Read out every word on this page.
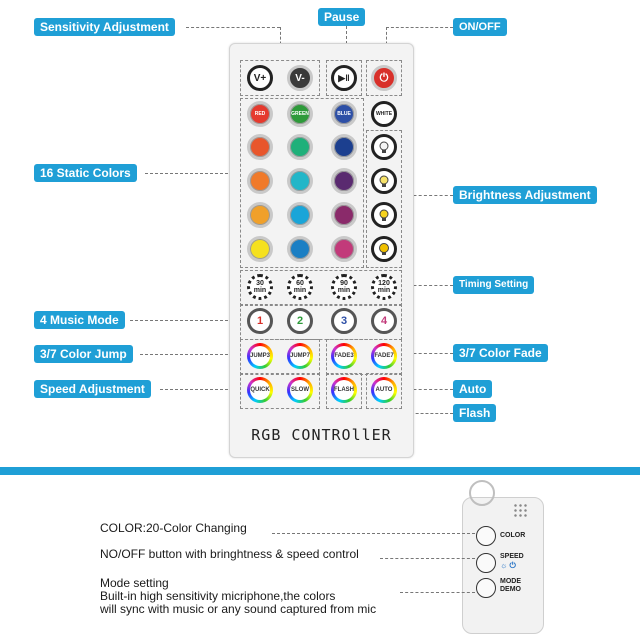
Sensitivity Adjustment
Pause
ON/OFF
16 Static Colors
Brightness Adjustment
Timing Setting
4 Music Mode
3/7 Color Jump	3/7 Color Fade
Speed Adjustment	Auto
Flash
V+	V-	▶‖	⏻
RED	GREEN	BLUE	WHITE
30
min
60
min
90
min
120
min
1	2	3	4
JUMP3	JUMP7	FADE3	FADE7
QUICK	SLOW	FLASH	AUTO
RGB CONTROllER
COLOR
SPEED
☼ ⏻
MODE
DEMO
COLOR:20-Color Changing
NO/OFF button with bringhtness & speed control
Mode setting
Built-in high sensitivity micriphone,the colors
will sync with music or any sound captured from mic
